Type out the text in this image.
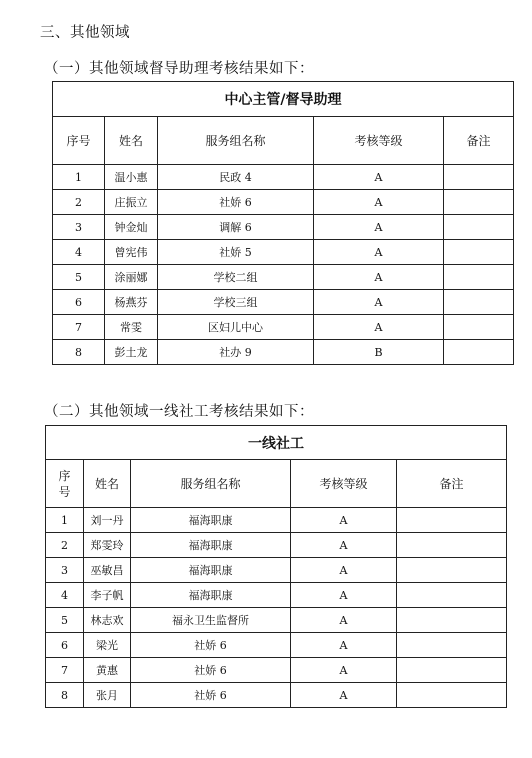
三、其他领域
（一）其他领域督导助理考核结果如下：
中心主管/督导助理				
序号	姓名	服务组名称	考核等级	备注
1	温小惠	民政 4	A	
2	庄振立	社娇 6	A	
3	钟金灿	调解 6	A	
4	曾宪伟	社娇 5	A	
5	涂丽娜	学校二组	A	
6	杨燕芬	学校三组	A	
7	常雯	区妇儿中心	A	
8	彭土龙	社办 9	B	
（二）其他领域一线社工考核结果如下：
一线社工				
序号	姓名	服务组名称	考核等级	备注
1	刘一丹	福海职康	A	
2	郑雯玲	福海职康	A	
3	巫敏昌	福海职康	A	
4	李子帆	福海职康	A	
5	林志欢	福永卫生监督所	A	
6	梁光	社娇 6	A	
7	黄惠	社娇 6	A	
8	张月	社娇 6	A	
